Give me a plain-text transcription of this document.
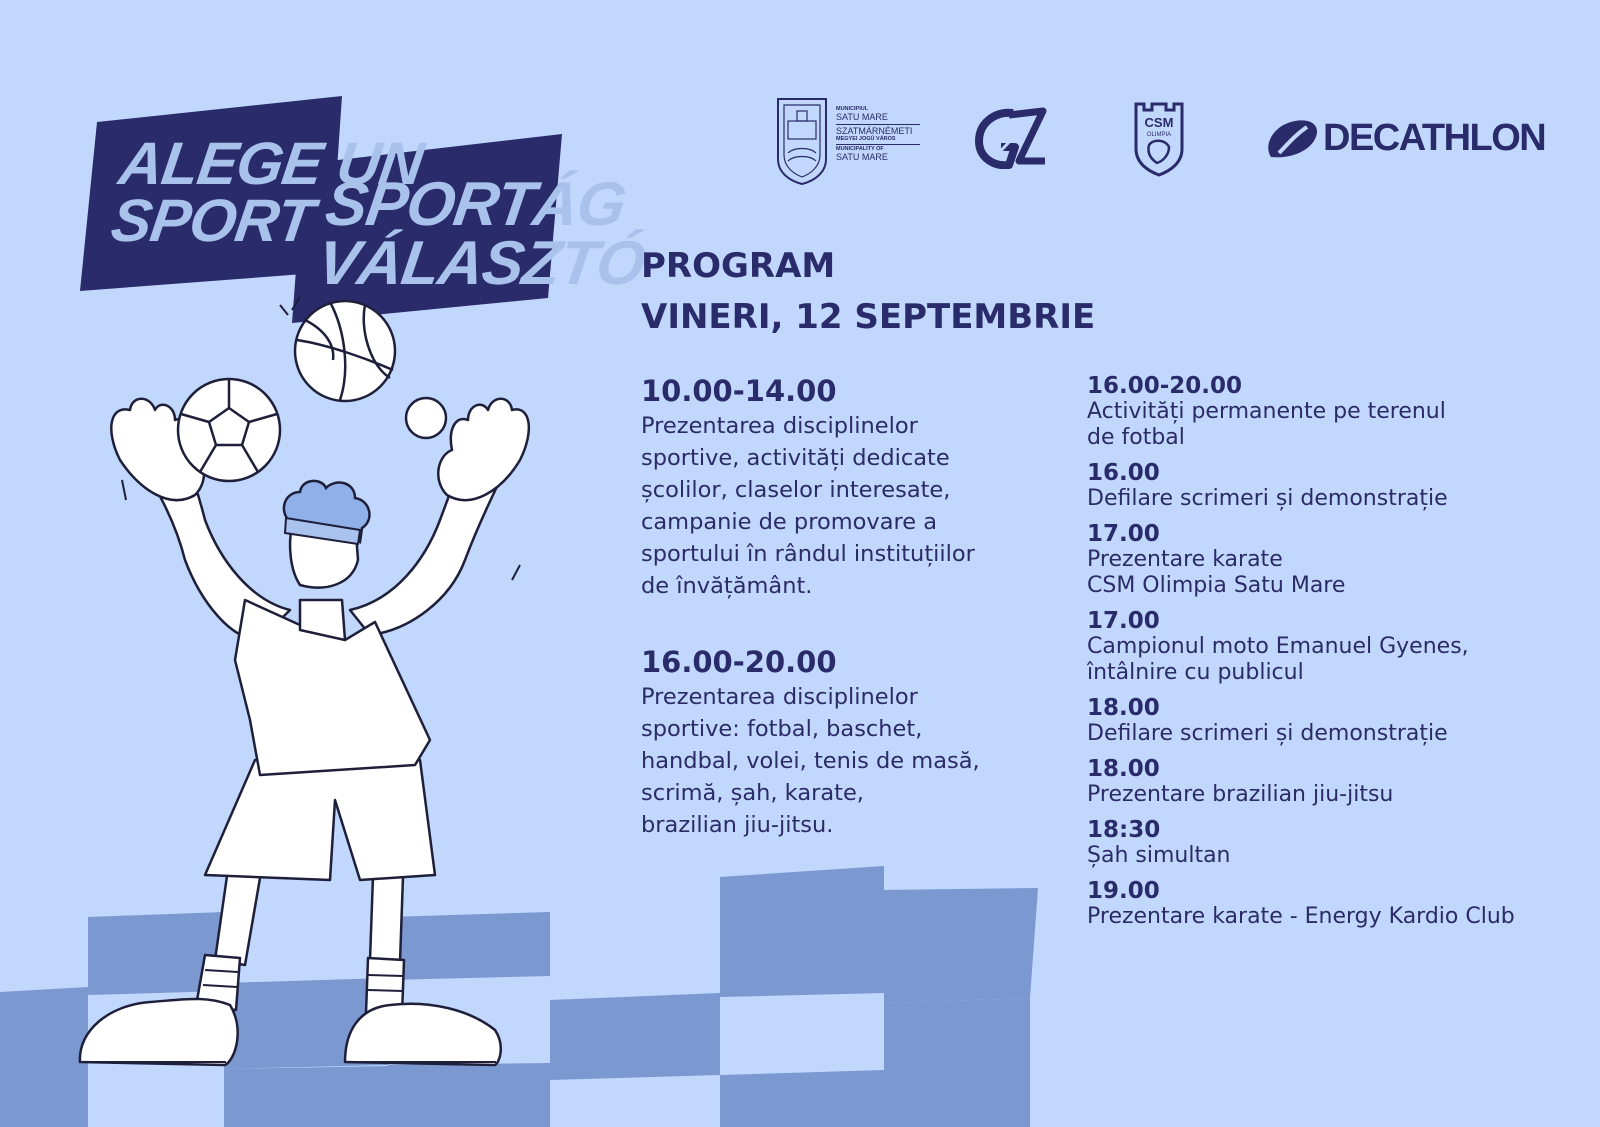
ALEGE UN
SPORT SPORTÁG
VÁLASZTÓ
MUNICIPIUL
SATU MARE
SZATMÁRNÉMETI
MEGYEI JOGÚ VÁROS
MUNICIPALITY OF
SATU MARE
CSM
OLIMPIA	DECATHLON
PROGRAM
VINERI, 12 SEPTEMBRIE
10.00-14.00
Prezentarea disciplinelor
sportive, activități dedicate
școlilor, claselor interesate,
campanie de promovare a
sportului în rândul instituțiilor
de învățământ.
16.00-20.00
Prezentarea disciplinelor
sportive: fotbal, baschet,
handbal, volei, tenis de masă,
scrimă, șah, karate,
brazilian jiu-jitsu.
16.00-20.00
Activități permanente pe terenul
de fotbal
16.00
Defilare scrimeri și demonstrație
17.00
Prezentare karate
CSM Olimpia Satu Mare
17.00
Campionul moto Emanuel Gyenes,
întâlnire cu publicul
18.00
Defilare scrimeri și demonstrație
18.00
Prezentare brazilian jiu-jitsu
18:30
Șah simultan
19.00
Prezentare karate - Energy Kardio Club
